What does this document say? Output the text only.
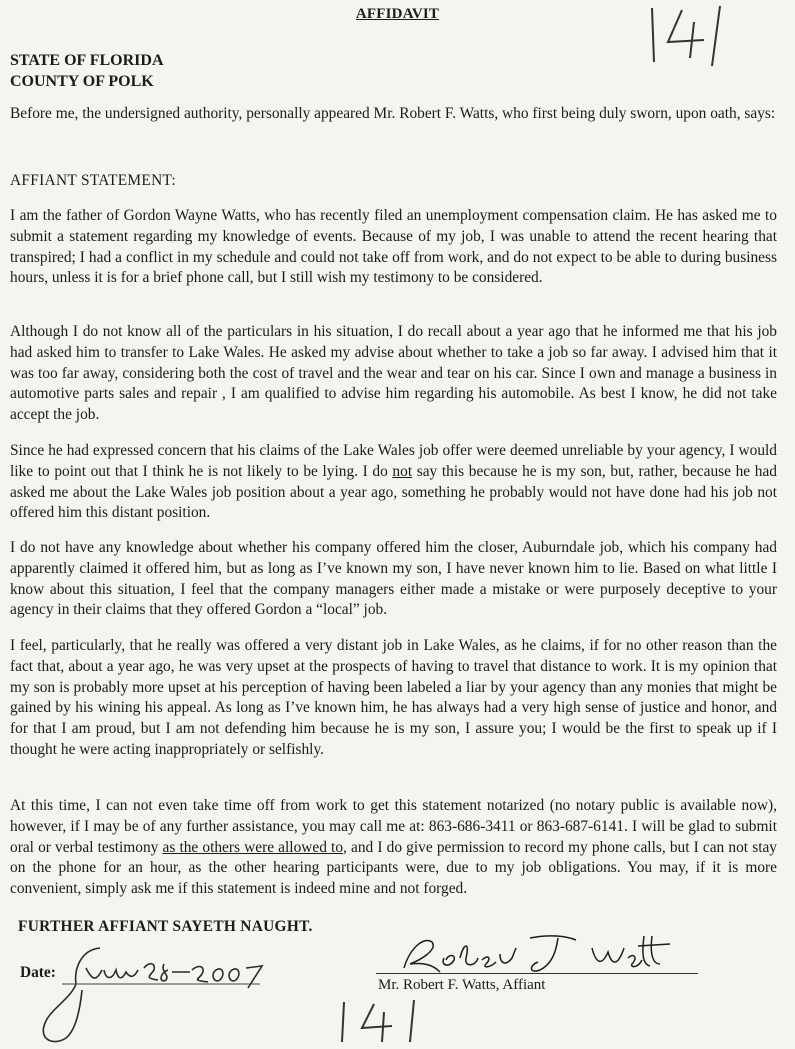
AFFIDAVIT
STATE OF FLORIDA
COUNTY OF POLK
Before me, the undersigned authority, personally appeared Mr. Robert F. Watts, who first being duly sworn, upon oath, says:
AFFIANT STATEMENT:
I am the father of Gordon Wayne Watts, who has recently filed an unemployment compensation claim. He has asked me to submit a statement regarding my knowledge of events. Because of my job, I was unable to attend the recent hearing that transpired; I had a conflict in my schedule and could not take off from work, and do not expect to be able to during business hours, unless it is for a brief phone call, but I still wish my testimony to be considered.
Although I do not know all of the particulars in his situation, I do recall about a year ago that he informed me that his job had asked him to transfer to Lake Wales. He asked my advise about whether to take a job so far away. I advised him that it was too far away, considering both the cost of travel and the wear and tear on his car. Since I own and manage a business in automotive parts sales and repair , I am qualified to advise him regarding his automobile. As best I know, he did not take accept the job.
Since he had expressed concern that his claims of the Lake Wales job offer were deemed unreliable by your agency, I would like to point out that I think he is not likely to be lying. I do not say this because he is my son, but, rather, because he had asked me about the Lake Wales job position about a year ago, something he probably would not have done had his job not offered him this distant position.
I do not have any knowledge about whether his company offered him the closer, Auburndale job, which his company had apparently claimed it offered him, but as long as I’ve known my son, I have never known him to lie. Based on what little I know about this situation, I feel that the company managers either made a mistake or were purposely deceptive to your agency in their claims that they offered Gordon a “local” job.
I feel, particularly, that he really was offered a very distant job in Lake Wales, as he claims, if for no other reason than the fact that, about a year ago, he was very upset at the prospects of having to travel that distance to work. It is my opinion that my son is probably more upset at his perception of having been labeled a liar by your agency than any monies that might be gained by his wining his appeal. As long as I’ve known him, he has always had a very high sense of justice and honor, and for that I am proud, but I am not defending him because he is my son, I assure you; I would be the first to speak up if I thought he were acting inappropriately or selfishly.
At this time, I can not even take time off from work to get this statement notarized (no notary public is available now), however, if I may be of any further assistance, you may call me at: 863-686-3411 or 863-687-6141. I will be glad to submit oral or verbal testimony as the others were allowed to, and I do give permission to record my phone calls, but I can not stay on the phone for an hour, as the other hearing participants were, due to my job obligations. You may, if it is more convenient, simply ask me if this statement is indeed mine and not forged.
FURTHER AFFIANT SAYETH NAUGHT.
Date:
Mr. Robert F. Watts, Affiant
